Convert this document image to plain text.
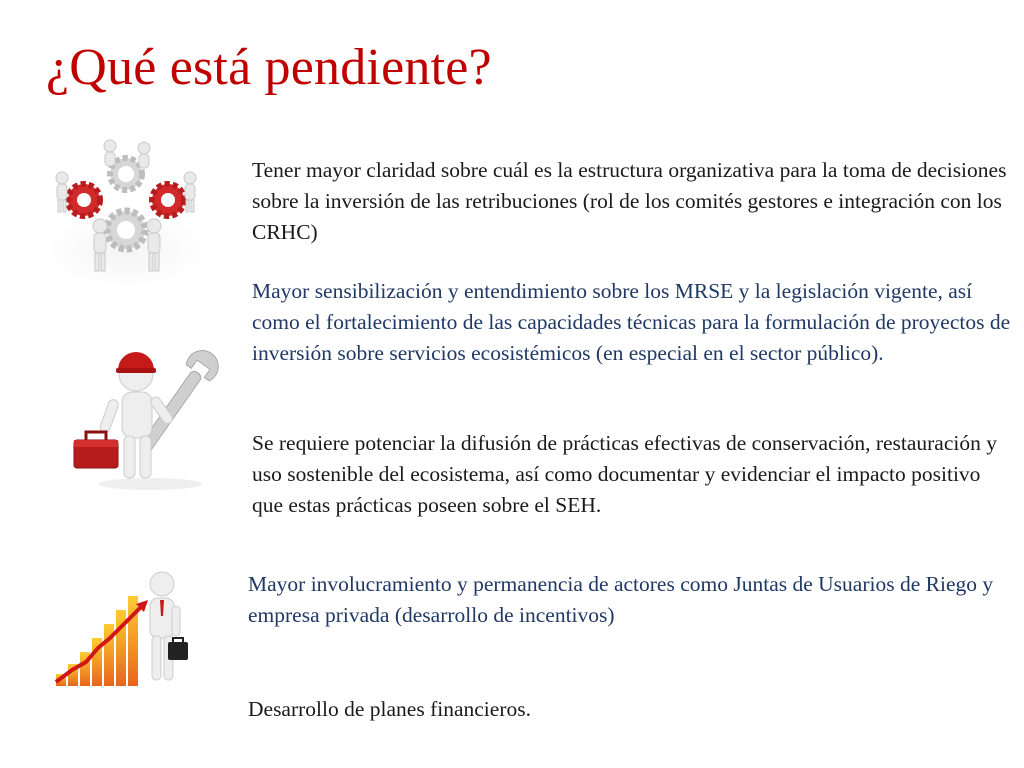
¿Qué está pendiente?

Tener mayor claridad sobre cuál es la estructura organizativa para la toma de decisiones sobre la inversión de las retribuciones (rol de los comités gestores e integración con los CRHC)

Mayor sensibilización y entendimiento sobre los MRSE y la legislación vigente, así como el fortalecimiento de las capacidades técnicas para la formulación de proyectos de inversión sobre servicios ecosistémicos (en especial en el sector público).

Se requiere potenciar la difusión de prácticas efectivas de conservación, restauración y uso sostenible del ecosistema, así como documentar y evidenciar el impacto positivo que estas prácticas poseen sobre el SEH.

Mayor involucramiento y permanencia de actores como Juntas de Usuarios de Riego y empresa privada (desarrollo de incentivos)

Desarrollo de planes financieros.
